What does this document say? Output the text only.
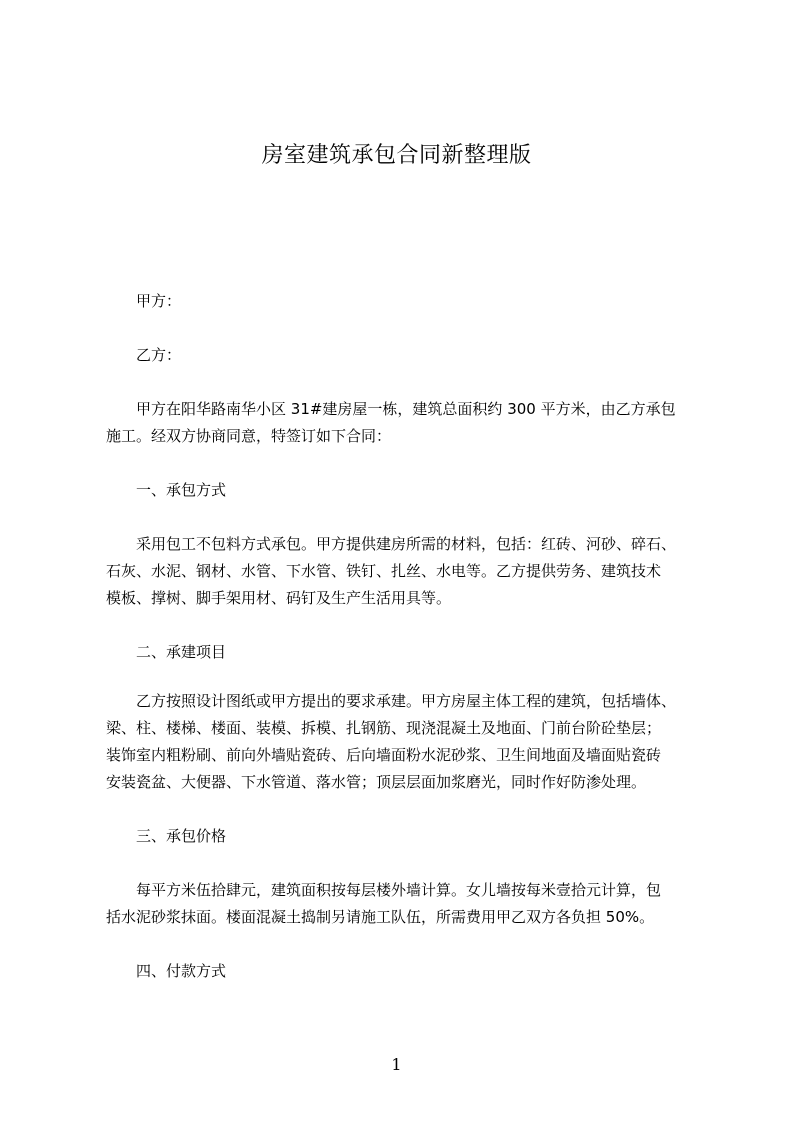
房室建筑承包合同新整理版
甲方：
乙方：
甲方在阳华路南华小区 31#建房屋一栋，建筑总面积约 300 平方米，由乙方承包
施工。经双方协商同意，特签订如下合同：
一、承包方式
采用包工不包料方式承包。甲方提供建房所需的材料，包括：红砖、河砂、碎石、
石灰、水泥、钢材、水管、下水管、铁钉、扎丝、水电等。乙方提供劳务、建筑技术
模板、撑树、脚手架用材、码钉及生产生活用具等。
二、承建项目
乙方按照设计图纸或甲方提出的要求承建。甲方房屋主体工程的建筑，包括墙体、
梁、柱、楼梯、楼面、装模、拆模、扎钢筋、现浇混凝土及地面、门前台阶砼垫层；
装饰室内粗粉刷、前向外墙贴瓷砖、后向墙面粉水泥砂浆、卫生间地面及墙面贴瓷砖
安装瓷盆、大便器、下水管道、落水管；顶层层面加浆磨光，同时作好防渗处理。
三、承包价格
每平方米伍拾肆元，建筑面积按每层楼外墙计算。女儿墙按每米壹拾元计算，包
括水泥砂浆抹面。楼面混凝土捣制另请施工队伍，所需费用甲乙双方各负担 50%。
四、付款方式
1
